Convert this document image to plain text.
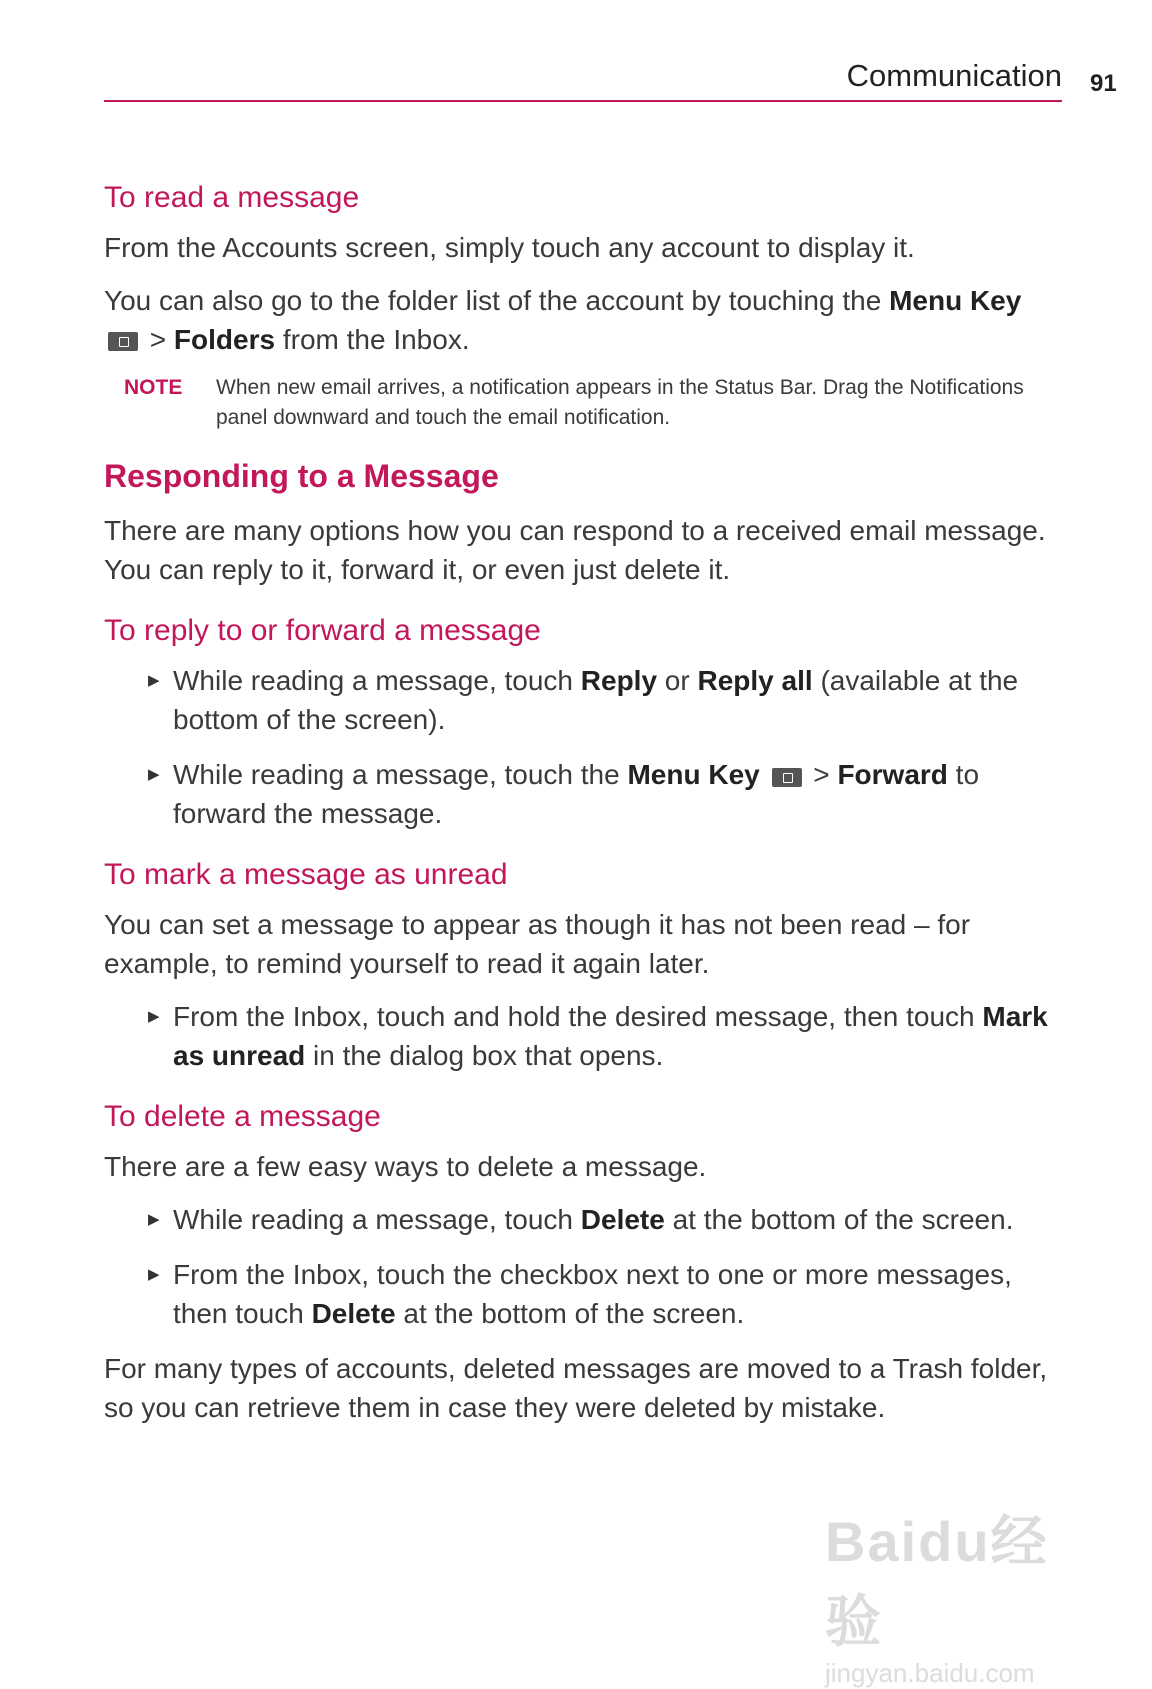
Communication 91
To read a message

From the Accounts screen, simply touch any account to display it.

You can also go to the folder list of the account by touching the Menu Key
> Folders from the Inbox.

NOTE	When new email arrives, a notification appears in the Status Bar. Drag the Notifications panel downward and touch the email notification.
Responding to a Message

There are many options how you can respond to a received email message. You can reply to it, forward it, or even just delete it.

To reply to or forward a message
▶ While reading a message, touch Reply or Reply all (available at the bottom of the screen).
▶ While reading a message, touch the Menu Key  > Forward to forward the message.
To mark a message as unread

You can set a message to appear as though it has not been read – for example, to remind yourself to read it again later.

▶ From the Inbox, touch and hold the desired message, then touch Mark as unread in the dialog box that opens.
To delete a message

There are a few easy ways to delete a message.

▶ While reading a message, touch Delete at the bottom of the screen.
▶ From the Inbox, touch the checkbox next to one or more messages, then touch Delete at the bottom of the screen.

For many types of accounts, deleted messages are moved to a Trash folder, so you can retrieve them in case they were deleted by mistake.

Baidu经验
jingyan.baidu.com
